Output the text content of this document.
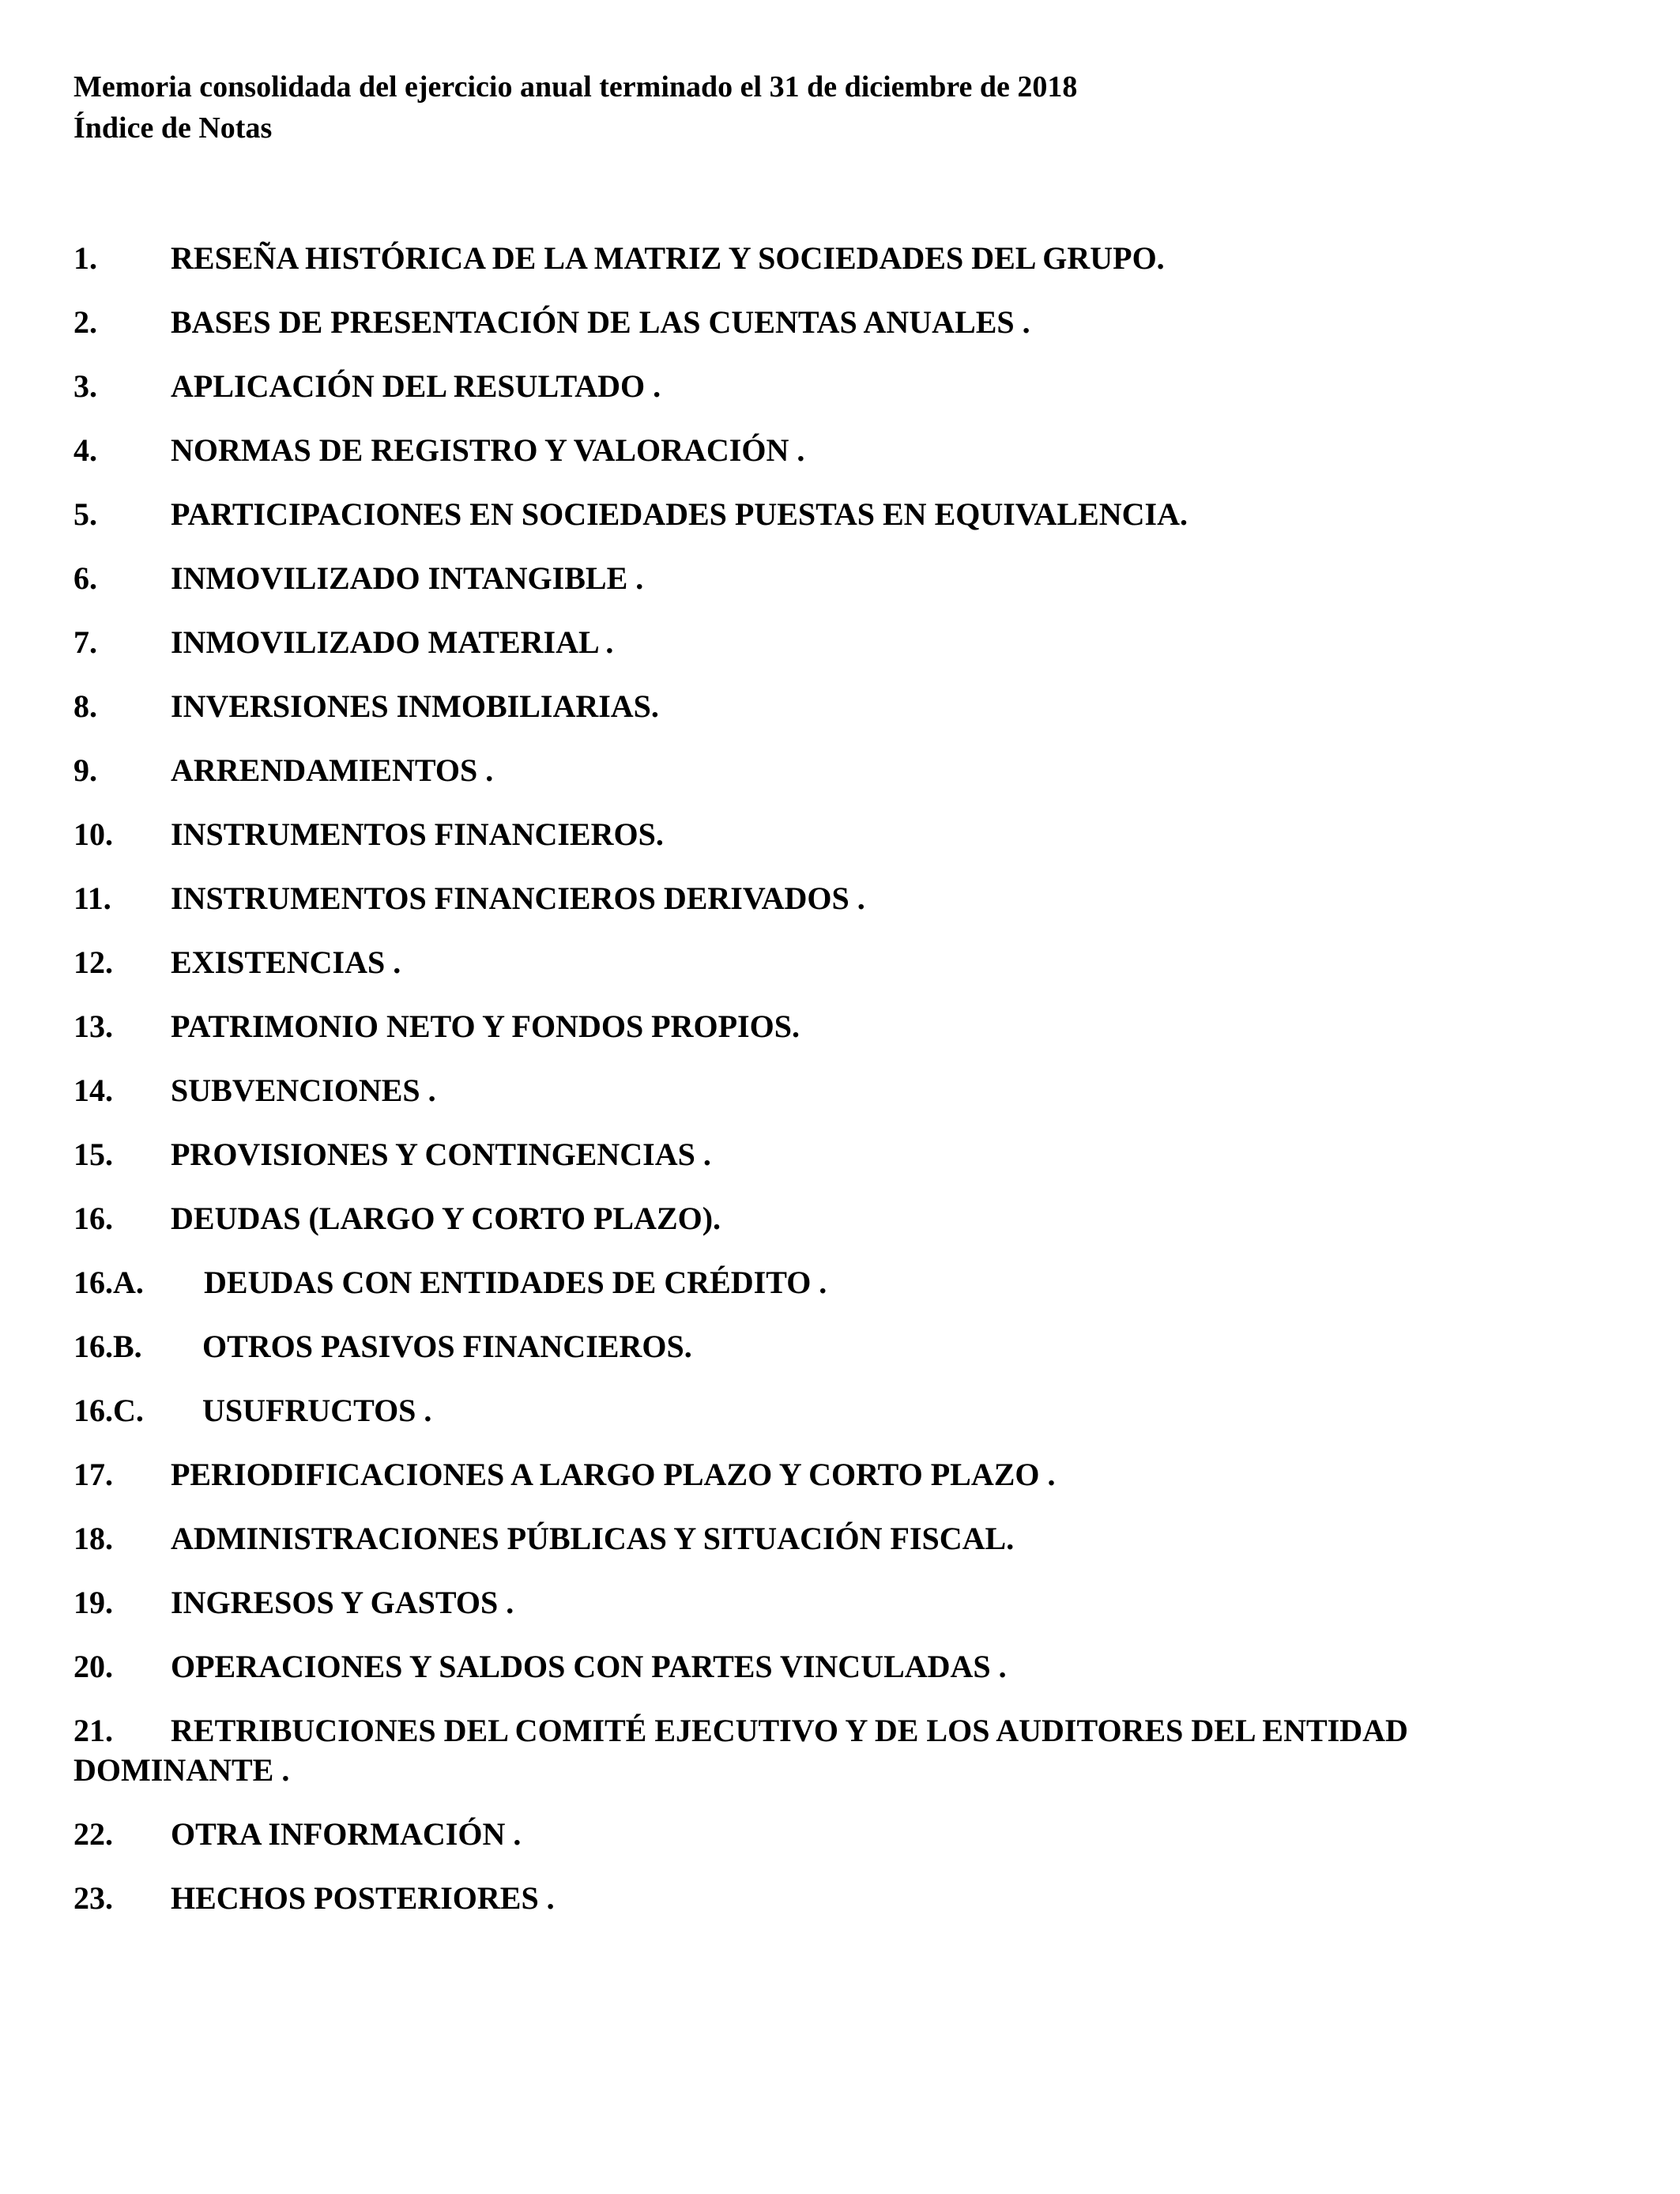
Memoria consolidada del ejercicio anual terminado el 31 de diciembre de 2018
Índice de Notas
1. RESEÑA HISTÓRICA DE LA MATRIZ Y SOCIEDADES DEL GRUPO.
2. BASES DE PRESENTACIÓN DE LAS CUENTAS ANUALES .
3. APLICACIÓN DEL RESULTADO .
4. NORMAS DE REGISTRO Y VALORACIÓN .
5. PARTICIPACIONES EN SOCIEDADES PUESTAS EN EQUIVALENCIA.
6. INMOVILIZADO INTANGIBLE .
7. INMOVILIZADO MATERIAL .
8. INVERSIONES INMOBILIARIAS.
9. ARRENDAMIENTOS .
10. INSTRUMENTOS FINANCIEROS.
11. INSTRUMENTOS FINANCIEROS DERIVADOS .
12. EXISTENCIAS .
13. PATRIMONIO NETO Y FONDOS PROPIOS.
14. SUBVENCIONES .
15. PROVISIONES Y CONTINGENCIAS .
16. DEUDAS (LARGO Y CORTO PLAZO).
16.A. DEUDAS CON ENTIDADES DE CRÉDITO .
16.B. OTROS PASIVOS FINANCIEROS.
16.C. USUFRUCTOS .
17. PERIODIFICACIONES A LARGO PLAZO Y CORTO PLAZO .
18. ADMINISTRACIONES PÚBLICAS Y SITUACIÓN FISCAL.
19. INGRESOS Y GASTOS .
20. OPERACIONES Y SALDOS CON PARTES VINCULADAS .
21. RETRIBUCIONES DEL COMITÉ EJECUTIVO Y DE LOS AUDITORES DEL ENTIDAD DOMINANTE .
22. OTRA INFORMACIÓN .
23. HECHOS POSTERIORES .
